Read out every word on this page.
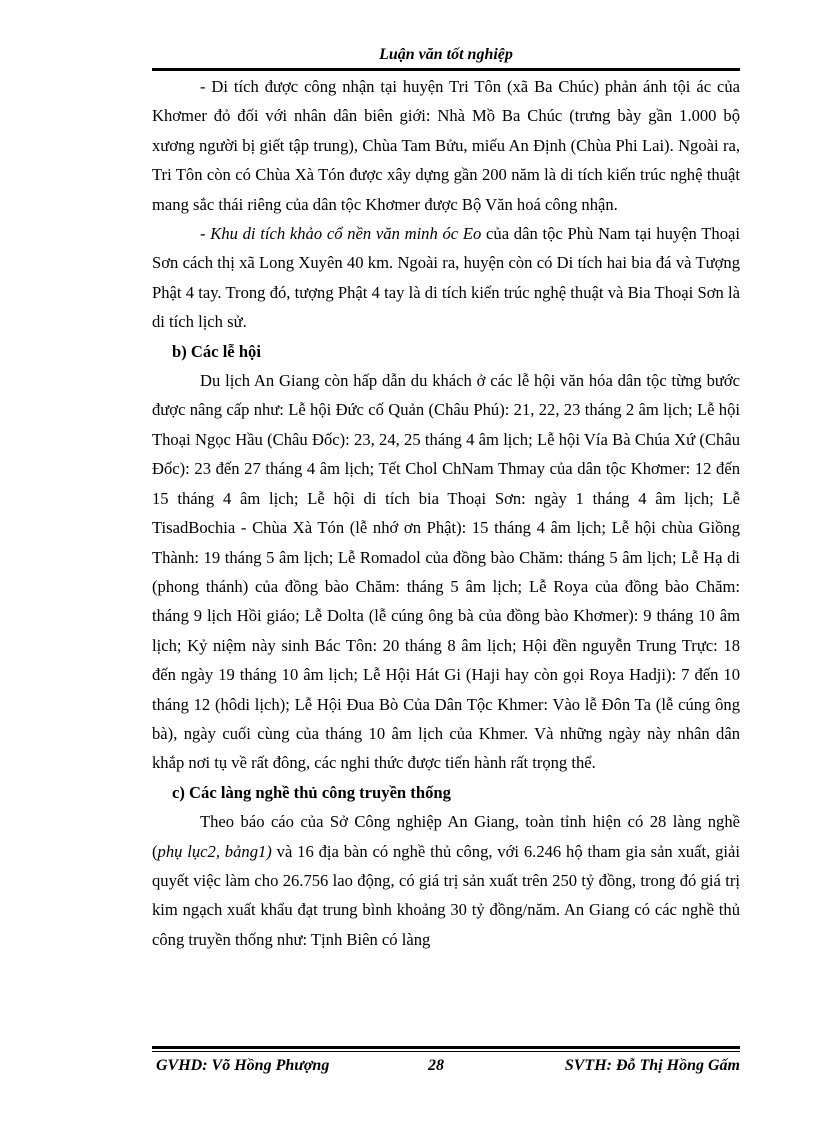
Luận văn tốt nghiệp

- Di tích được công nhận tại huyện Tri Tôn (xã Ba Chúc) phản ánh tội ác của Khơmer đỏ đối với nhân dân biên giới: Nhà Mồ Ba Chúc (trưng bày gần 1.000 bộ xương người bị giết tập trung), Chùa Tam Bửu, miếu An Định (Chùa Phi Lai). Ngoài ra, Tri Tôn còn có Chùa Xà Tón được xây dựng gần 200 năm là di tích kiến trúc nghệ thuật mang sắc thái riêng của dân tộc Khơmer được Bộ Văn hoá công nhận.

- Khu di tích khảo cổ nền văn minh óc Eo của dân tộc Phù Nam tại huyện Thoại Sơn cách thị xã Long Xuyên 40 km. Ngoài ra, huyện còn có Di tích hai bia đá và Tượng Phật 4 tay. Trong đó, tượng Phật 4 tay là di tích kiến trúc nghệ thuật và Bia Thoại Sơn là di tích lịch sử.

b) Các lễ hội

Du lịch An Giang còn hấp dẫn du khách ở các lễ hội văn hóa dân tộc từng bước được nâng cấp như: Lễ hội Đức cố Quản (Châu Phú): 21, 22, 23 tháng 2 âm lịch; Lễ hội Thoại Ngọc Hầu (Châu Đốc): 23, 24, 25 tháng 4 âm lịch; Lễ hội Vía Bà Chúa Xứ (Châu Đốc): 23 đến 27 tháng 4 âm lịch; Tết Chol ChNam Thmay của dân tộc Khơmer: 12 đến 15 tháng 4 âm lịch; Lễ hội di tích bia Thoại Sơn: ngày 1 tháng 4 âm lịch; Lễ TisadBochia - Chùa Xà Tón (lễ nhớ ơn Phật): 15 tháng 4 âm lịch; Lễ hội chùa Giồng Thành: 19 tháng 5 âm lịch; Lễ Romadol của đồng bào Chăm: tháng 5 âm lịch; Lễ Hạ di (phong thánh) của đồng bào Chăm: tháng 5 âm lịch; Lễ Roya của đồng bào Chăm: tháng 9 lịch Hồi giáo; Lễ Dolta (lễ cúng ông bà của đồng bào Khơmer): 9 tháng 10 âm lịch; Kỷ niệm này sinh Bác Tôn: 20 tháng 8 âm lịch; Hội đền nguyễn Trung Trực: 18 đến ngày 19 tháng 10 âm lịch; Lễ Hội Hát Gi (Haji hay còn gọi Roya Hadji): 7 đến 10 tháng 12 (hôdi lịch); Lễ Hội Đua Bò Của Dân Tộc Khmer: Vào lễ Đôn Ta (lễ cúng ông bà), ngày cuối cùng của tháng 10 âm lịch của Khmer. Và những ngày này nhân dân khắp nơi tụ về rất đông, các nghi thức được tiến hành rất trọng thể.

c) Các làng nghề thủ công truyền thống

Theo báo cáo của Sở Công nghiệp An Giang, toàn tỉnh hiện có 28 làng nghề (phụ lục2, bảng1) và 16 địa bàn có nghề thủ công, với 6.246 hộ tham gia sản xuất, giải quyết việc làm cho 26.756 lao động, có giá trị sản xuất trên 250 tỷ đồng, trong đó giá trị kim ngạch xuất khẩu đạt trung bình khoảng 30 tỷ đồng/năm. An Giang có các nghề thủ công truyền thống như: Tịnh Biên có làng

GVHD: Võ Hồng Phượng	28	SVTH: Đỗ Thị Hồng Gấm
